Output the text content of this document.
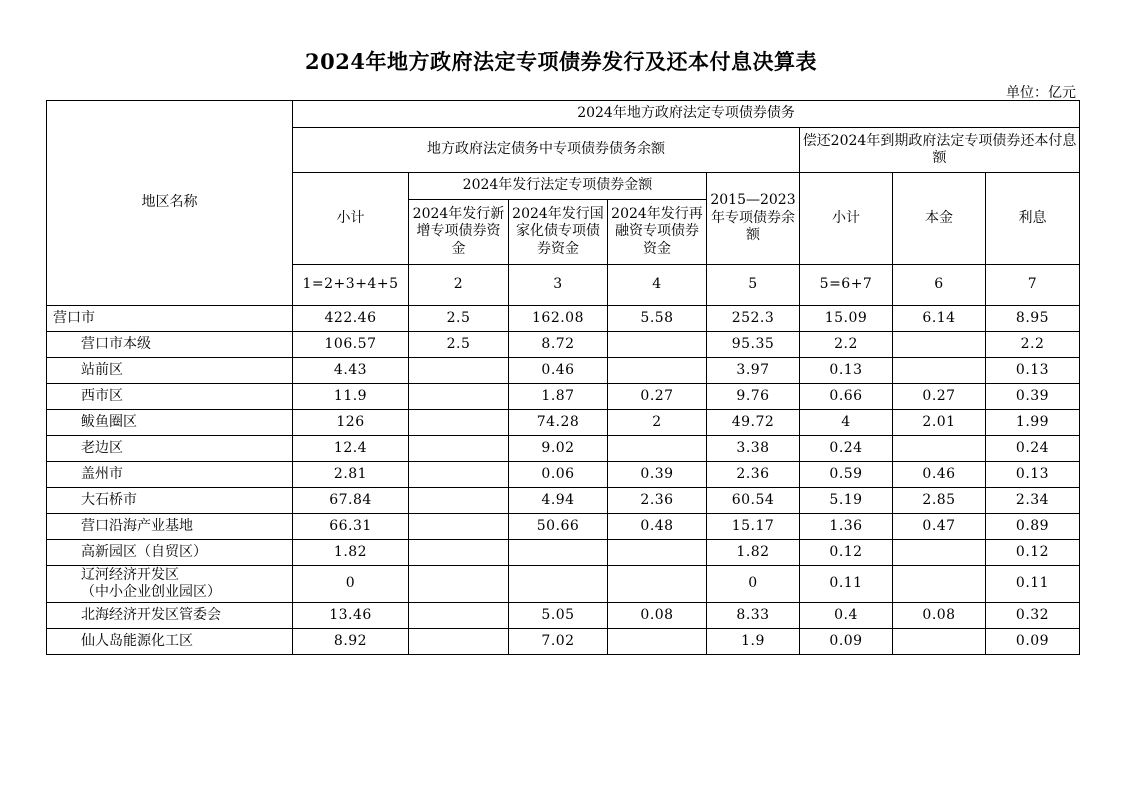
2024年地方政府法定专项债券发行及还本付息决算表
单位：亿元
地区名称	2024年地方政府法定专项债券债务							
	地方政府法定债务中专项债券债务余额					偿还2024年到期政府法定专项债券还本付息额		
	小计	2024年发行法定专项债券金额			2015—2023年专项债券余额	小计	本金	利息
		2024年发行新增专项债券资金	2024年发行国家化债专项债券资金	2024年发行再融资专项债券资金				
	1=2+3+4+5	2	3	4	5	5=6+7	6	7
营口市	422.46	2.5	162.08	5.58	252.3	15.09	6.14	8.95
营口市本级	106.57	2.5	8.72		95.35	2.2		2.2
站前区	4.43		0.46		3.97	0.13		0.13
西市区	11.9		1.87	0.27	9.76	0.66	0.27	0.39
鲅鱼圈区	126		74.28	2	49.72	4	2.01	1.99
老边区	12.4		9.02		3.38	0.24		0.24
盖州市	2.81		0.06	0.39	2.36	0.59	0.46	0.13
大石桥市	67.84		4.94	2.36	60.54	5.19	2.85	2.34
营口沿海产业基地	66.31		50.66	0.48	15.17	1.36	0.47	0.89
高新园区（自贸区）	1.82				1.82	0.12		0.12
辽河经济开发区
（中小企业创业园区）	0				0	0.11		0.11
北海经济开发区管委会	13.46		5.05	0.08	8.33	0.4	0.08	0.32
仙人岛能源化工区	8.92		7.02		1.9	0.09		0.09
